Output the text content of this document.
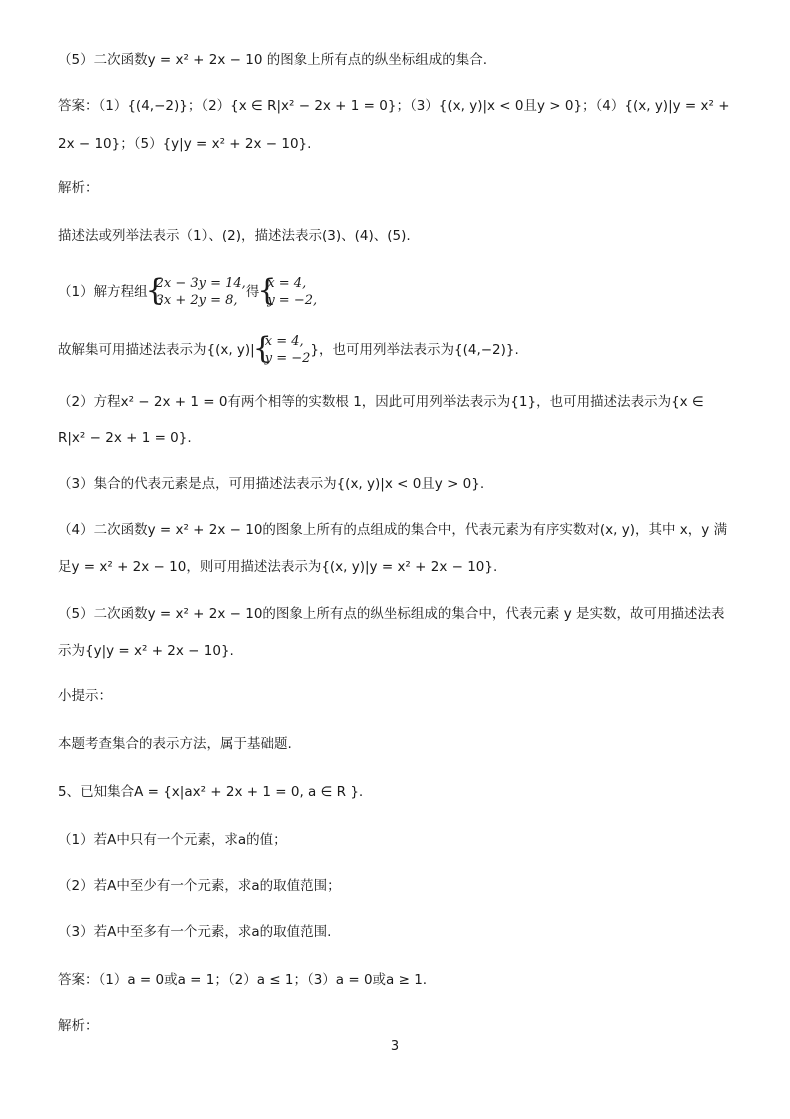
（5）二次函数y = x² + 2x − 10 的图象上所有点的纵坐标组成的集合.
答案：（1）{(4,−2)}；（2）{x ∈ R|x² − 2x + 1 = 0}；（3）{(x, y)|x < 0且y > 0}；（4）{(x, y)|y = x² +
2x − 10}；（5）{y|y = x² + 2x − 10}.
解析：
描述法或列举法表示（1）、(2)，描述法表示(3)、(4)、(5).
（1）解方程组
{ 2x − 3y = 14,
3x + 2y = 8,
得
{ x = 4,
y = −2,
故解集可用描述法表示为{(x, y)|
{ x = 4,
y = −2
}，也可用列举法表示为{(4,−2)}.
（2）方程x² − 2x + 1 = 0有两个相等的实数根 1，因此可用列举法表示为{1}，也可用描述法表示为{x ∈
R|x² − 2x + 1 = 0}.
（3）集合的代表元素是点，可用描述法表示为{(x, y)|x < 0且y > 0}.
（4）二次函数y = x² + 2x − 10的图象上所有的点组成的集合中，代表元素为有序实数对(x, y)，其中 x，y 满
足y = x² + 2x − 10，则可用描述法表示为{(x, y)|y = x² + 2x − 10}.
（5）二次函数y = x² + 2x − 10的图象上所有点的纵坐标组成的集合中，代表元素 y 是实数，故可用描述法表
示为{y|y = x² + 2x − 10}.
小提示：
本题考查集合的表示方法，属于基础题.
5、已知集合A = {x|ax² + 2x + 1 = 0, a ∈ R }.
（1）若A中只有一个元素，求a的值；
（2）若A中至少有一个元素，求a的取值范围；
（3）若A中至多有一个元素，求a的取值范围.
答案：（1）a = 0或a = 1；（2）a ≤ 1；（3）a = 0或a ≥ 1.
解析：
3
